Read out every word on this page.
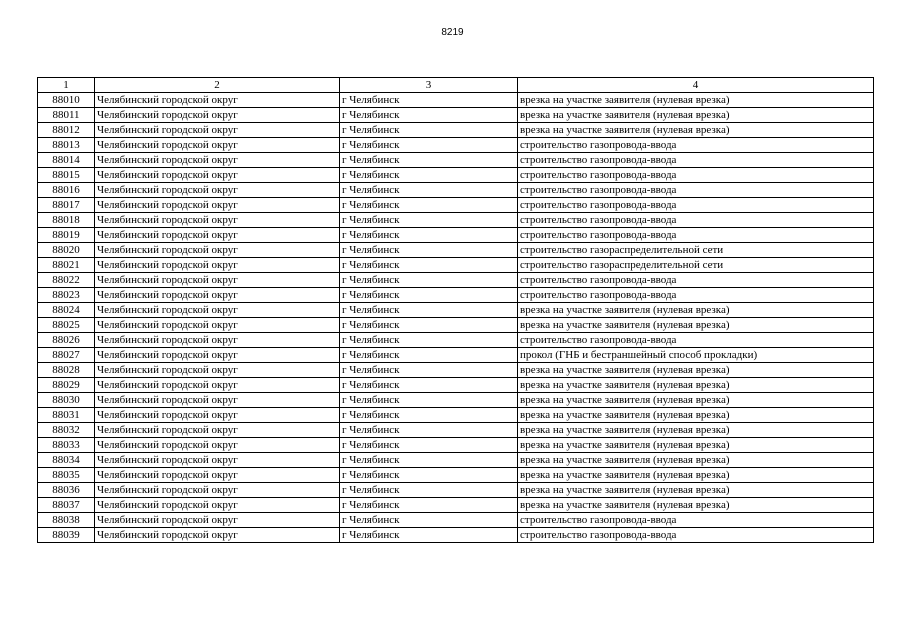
8219
1	2	3	4
88010	Челябинский городской округ	г Челябинск	врезка на участке заявителя (нулевая врезка)
88011	Челябинский городской округ	г Челябинск	врезка на участке заявителя (нулевая врезка)
88012	Челябинский городской округ	г Челябинск	врезка на участке заявителя (нулевая врезка)
88013	Челябинский городской округ	г Челябинск	строительство газопровода-ввода
88014	Челябинский городской округ	г Челябинск	строительство газопровода-ввода
88015	Челябинский городской округ	г Челябинск	строительство газопровода-ввода
88016	Челябинский городской округ	г Челябинск	строительство газопровода-ввода
88017	Челябинский городской округ	г Челябинск	строительство газопровода-ввода
88018	Челябинский городской округ	г Челябинск	строительство газопровода-ввода
88019	Челябинский городской округ	г Челябинск	строительство газопровода-ввода
88020	Челябинский городской округ	г Челябинск	строительство газораспределительной сети
88021	Челябинский городской округ	г Челябинск	строительство газораспределительной сети
88022	Челябинский городской округ	г Челябинск	строительство газопровода-ввода
88023	Челябинский городской округ	г Челябинск	строительство газопровода-ввода
88024	Челябинский городской округ	г Челябинск	врезка на участке заявителя (нулевая врезка)
88025	Челябинский городской округ	г Челябинск	врезка на участке заявителя (нулевая врезка)
88026	Челябинский городской округ	г Челябинск	строительство газопровода-ввода
88027	Челябинский городской округ	г Челябинск	прокол (ГНБ и бестраншейный способ прокладки)
88028	Челябинский городской округ	г Челябинск	врезка на участке заявителя (нулевая врезка)
88029	Челябинский городской округ	г Челябинск	врезка на участке заявителя (нулевая врезка)
88030	Челябинский городской округ	г Челябинск	врезка на участке заявителя (нулевая врезка)
88031	Челябинский городской округ	г Челябинск	врезка на участке заявителя (нулевая врезка)
88032	Челябинский городской округ	г Челябинск	врезка на участке заявителя (нулевая врезка)
88033	Челябинский городской округ	г Челябинск	врезка на участке заявителя (нулевая врезка)
88034	Челябинский городской округ	г Челябинск	врезка на участке заявителя (нулевая врезка)
88035	Челябинский городской округ	г Челябинск	врезка на участке заявителя (нулевая врезка)
88036	Челябинский городской округ	г Челябинск	врезка на участке заявителя (нулевая врезка)
88037	Челябинский городской округ	г Челябинск	врезка на участке заявителя (нулевая врезка)
88038	Челябинский городской округ	г Челябинск	строительство газопровода-ввода
88039	Челябинский городской округ	г Челябинск	строительство газопровода-ввода
